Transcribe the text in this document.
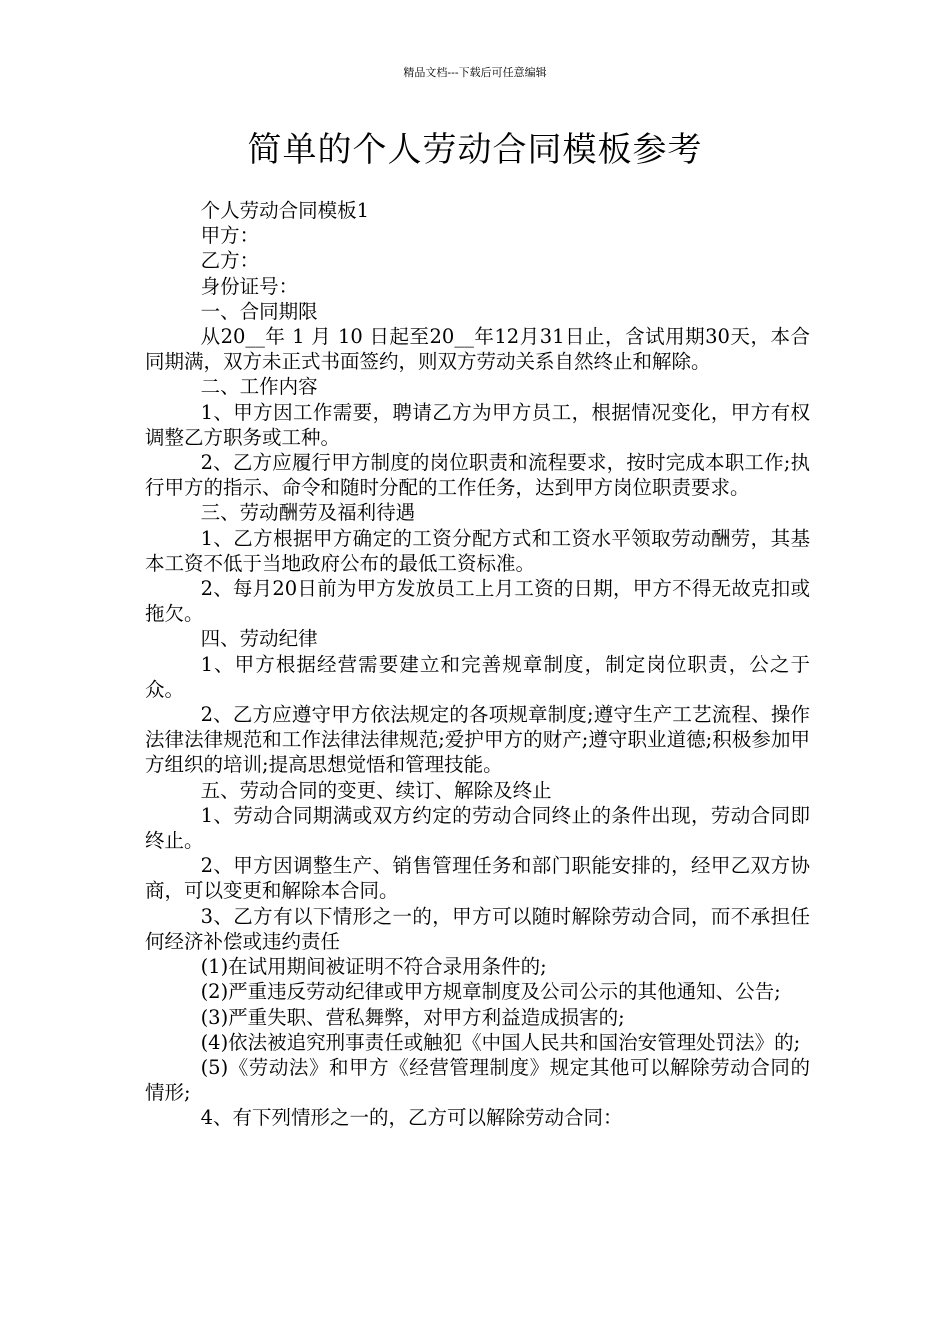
精品文档---下载后可任意编辑
简单的个人劳动合同模板参考

个人劳动合同模板1

甲方：

乙方：

身份证号：

一、合同期限

从20__年 1 月 10 日起至20__年12月31日止，含试用期30天，本合同期满，双方未正式书面签约，则双方劳动关系自然终止和解除。

二、工作内容

1、甲方因工作需要，聘请乙方为甲方员工，根据情况变化，甲方有权调整乙方职务或工种。

2、乙方应履行甲方制度的岗位职责和流程要求，按时完成本职工作;执行甲方的指示、命令和随时分配的工作任务，达到甲方岗位职责要求。

三、劳动酬劳及福利待遇

1、乙方根据甲方确定的工资分配方式和工资水平领取劳动酬劳，其基本工资不低于当地政府公布的最低工资标准。

2、每月20日前为甲方发放员工上月工资的日期，甲方不得无故克扣或拖欠。

四、劳动纪律

1、甲方根据经营需要建立和完善规章制度，制定岗位职责，公之于众。

2、乙方应遵守甲方依法规定的各项规章制度;遵守生产工艺流程、操作法律法律规范和工作法律法律规范;爱护甲方的财产;遵守职业道德;积极参加甲方组织的培训;提高思想觉悟和管理技能。

五、劳动合同的变更、续订、解除及终止

1、劳动合同期满或双方约定的劳动合同终止的条件出现，劳动合同即终止。

2、甲方因调整生产、销售管理任务和部门职能安排的，经甲乙双方协商，可以变更和解除本合同。

3、乙方有以下情形之一的，甲方可以随时解除劳动合同，而不承担任何经济补偿或违约责任

(1)在试用期间被证明不符合录用条件的;

(2)严重违反劳动纪律或甲方规章制度及公司公示的其他通知、公告;

(3)严重失职、营私舞弊，对甲方利益造成损害的;

(4)依法被追究刑事责任或触犯《中国人民共和国治安管理处罚法》的;

(5)《劳动法》和甲方《经营管理制度》规定其他可以解除劳动合同的情形;

4、有下列情形之一的，乙方可以解除劳动合同：
